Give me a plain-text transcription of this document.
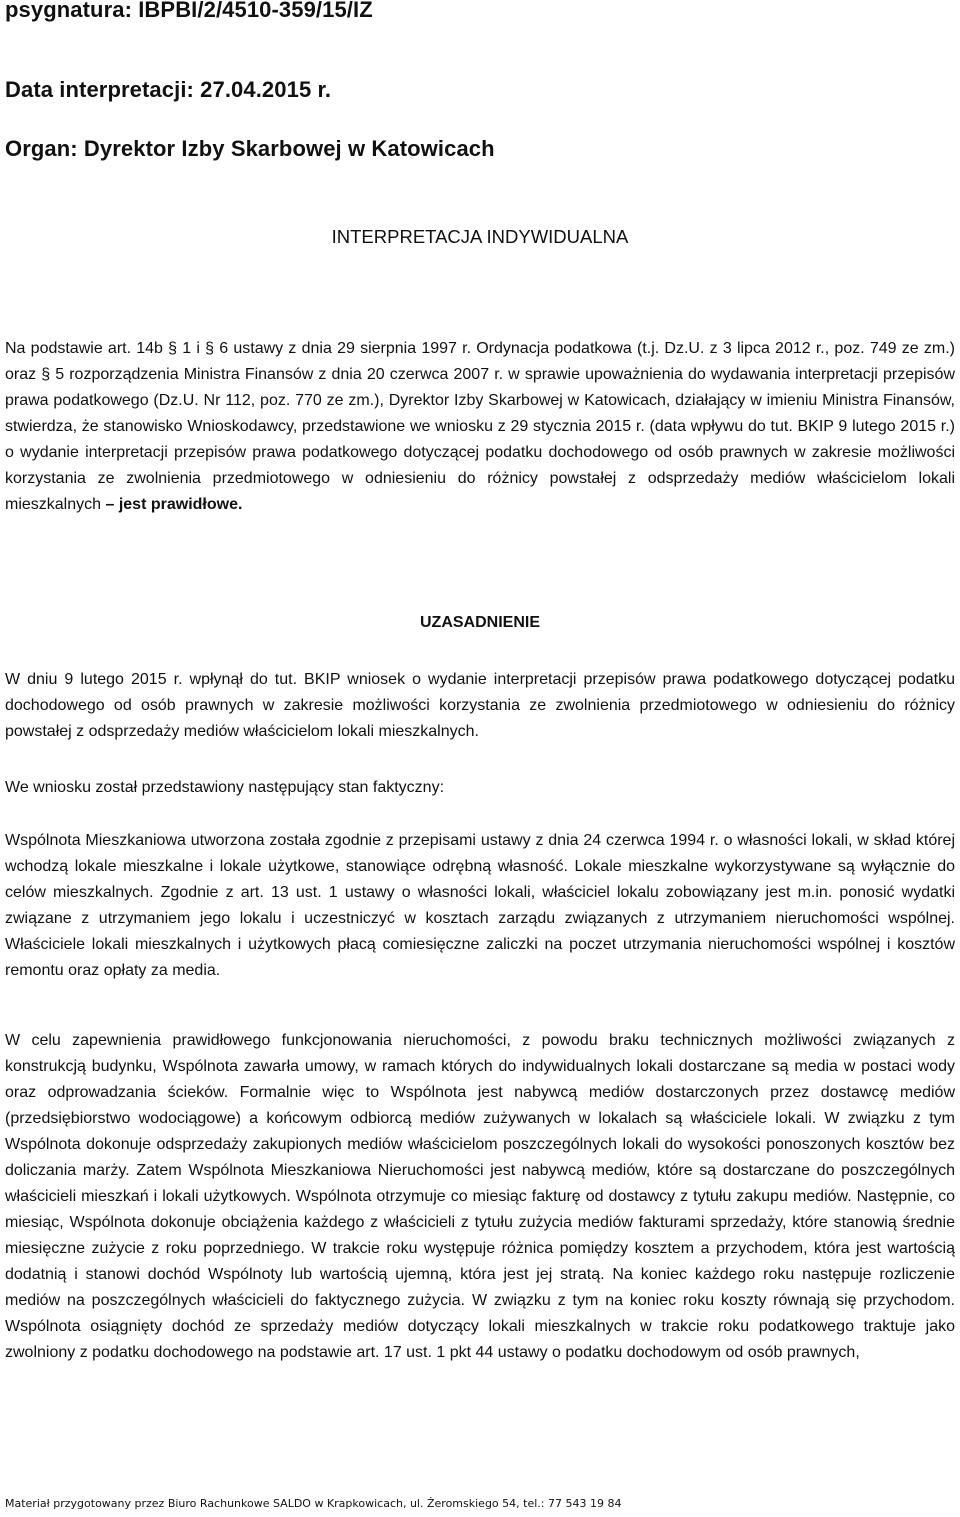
psygnatura: IBPBI/2/4510-359/15/IZ
Data interpretacji: 27.04.2015 r.
Organ: Dyrektor Izby Skarbowej w Katowicach
INTERPRETACJA INDYWIDUALNA

Na podstawie art. 14b § 1 i § 6 ustawy z dnia 29 sierpnia 1997 r. Ordynacja podatkowa (t.j. Dz.U. z 3 lipca 2012 r., poz. 749 ze zm.) oraz § 5 rozporządzenia Ministra Finansów z dnia 20 czerwca 2007 r. w sprawie upoważnienia do wydawania interpretacji przepisów prawa podatkowego (Dz.U. Nr 112, poz. 770 ze zm.), Dyrektor Izby Skarbowej w Katowicach, działający w imieniu Ministra Finansów, stwierdza, że stanowisko Wnioskodawcy, przedstawione we wniosku z 29 stycznia 2015 r. (data wpływu do tut. BKIP 9 lutego 2015 r.) o wydanie interpretacji przepisów prawa podatkowego dotyczącej podatku dochodowego od osób prawnych w zakresie możliwości korzystania ze zwolnienia przedmiotowego w odniesieniu do różnicy powstałej z odsprzedaży mediów właścicielom lokali mieszkalnych – jest prawidłowe.

UZASADNIENIE

W dniu 9 lutego 2015 r. wpłynął do tut. BKIP wniosek o wydanie interpretacji przepisów prawa podatkowego dotyczącej podatku dochodowego od osób prawnych w zakresie możliwości korzystania ze zwolnienia przedmiotowego w odniesieniu do różnicy powstałej z odsprzedaży mediów właścicielom lokali mieszkalnych.

We wniosku został przedstawiony następujący stan faktyczny:

Wspólnota Mieszkaniowa utworzona została zgodnie z przepisami ustawy z dnia 24 czerwca 1994 r. o własności lokali, w skład której wchodzą lokale mieszkalne i lokale użytkowe, stanowiące odrębną własność. Lokale mieszkalne wykorzystywane są wyłącznie do celów mieszkalnych. Zgodnie z art. 13 ust. 1 ustawy o własności lokali, właściciel lokalu zobowiązany jest m.in. ponosić wydatki związane z utrzymaniem jego lokalu i uczestniczyć w kosztach zarządu związanych z utrzymaniem nieruchomości wspólnej. Właściciele lokali mieszkalnych i użytkowych płacą comiesięczne zaliczki na poczet utrzymania nieruchomości wspólnej i kosztów remontu oraz opłaty za media.

W celu zapewnienia prawidłowego funkcjonowania nieruchomości, z powodu braku technicznych możliwości związanych z konstrukcją budynku, Wspólnota zawarła umowy, w ramach których do indywidualnych lokali dostarczane są media w postaci wody oraz odprowadzania ścieków. Formalnie więc to Wspólnota jest nabywcą mediów dostarczonych przez dostawcę mediów (przedsiębiorstwo wodociągowe) a końcowym odbiorcą mediów zużywanych w lokalach są właściciele lokali. W związku z tym Wspólnota dokonuje odsprzedaży zakupionych mediów właścicielom poszczególnych lokali do wysokości ponoszonych kosztów bez doliczania marży. Zatem Wspólnota Mieszkaniowa Nieruchomości jest nabywcą mediów, które są dostarczane do poszczególnych właścicieli mieszkań i lokali użytkowych. Wspólnota otrzymuje co miesiąc fakturę od dostawcy z tytułu zakupu mediów. Następnie, co miesiąc, Wspólnota dokonuje obciążenia każdego z właścicieli z tytułu zużycia mediów fakturami sprzedaży, które stanowią średnie miesięczne zużycie z roku poprzedniego. W trakcie roku występuje różnica pomiędzy kosztem a przychodem, która jest wartością dodatnią i stanowi dochód Wspólnoty lub wartością ujemną, która jest jej stratą. Na koniec każdego roku następuje rozliczenie mediów na poszczególnych właścicieli do faktycznego zużycia. W związku z tym na koniec roku koszty równają się przychodom. Wspólnota osiągnięty dochód ze sprzedaży mediów dotyczący lokali mieszkalnych w trakcie roku podatkowego traktuje jako zwolniony z podatku dochodowego na podstawie art. 17 ust. 1 pkt 44 ustawy o podatku dochodowym od osób prawnych,

Materiał przygotowany przez Biuro Rachunkowe SALDO w Krapkowicach, ul. Żeromskiego 54, tel.: 77 543 19 84
